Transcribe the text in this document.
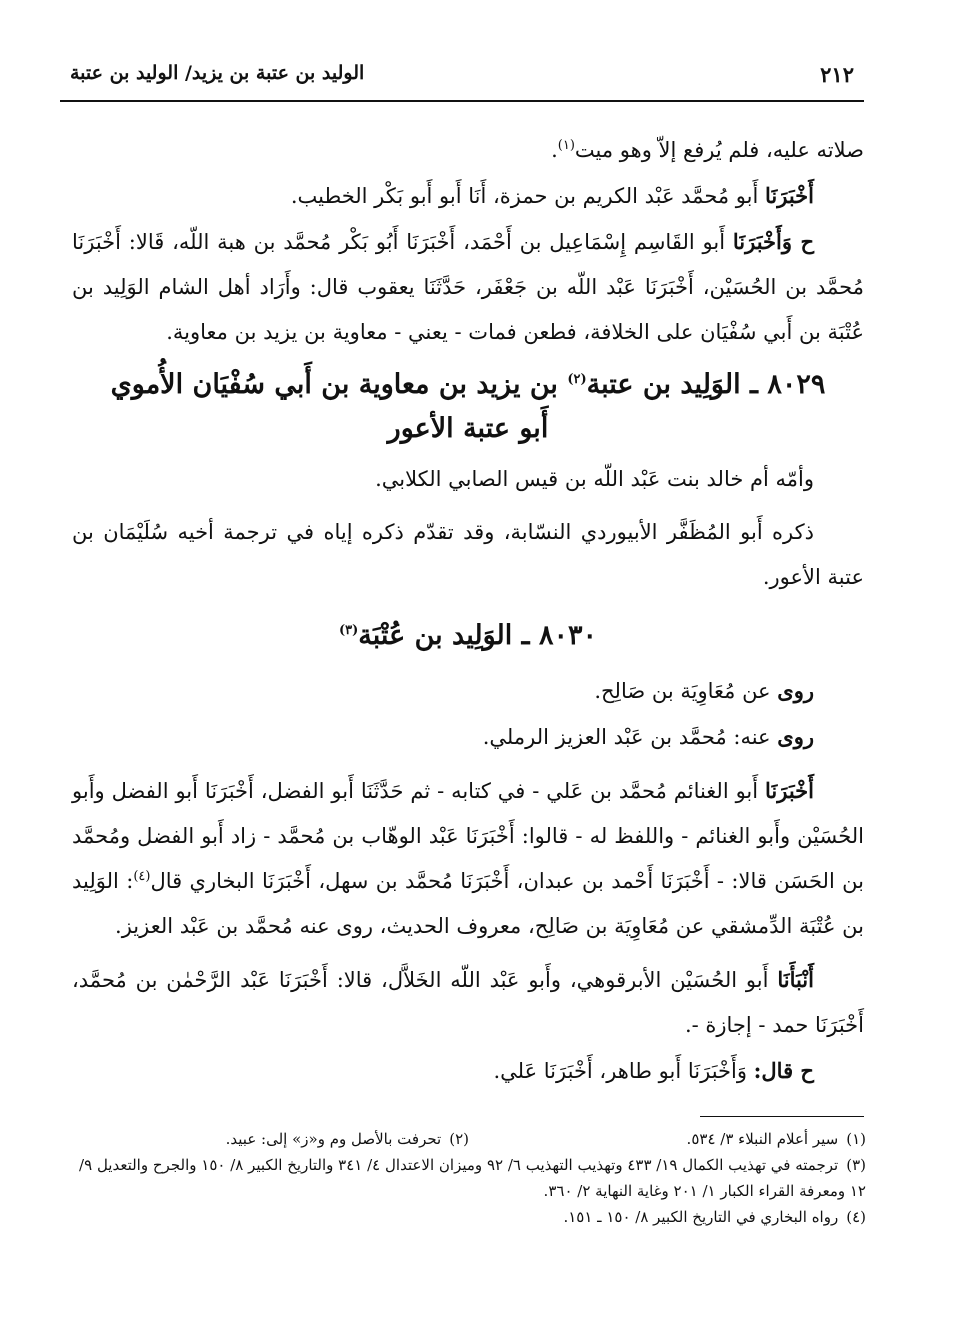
٢١٢
الوليد بن عتبة بن يزيد/ الوليد بن عتبة

صلاته عليه، فلم يُرفع إلاّ وهو ميت$^{(١)}$.

أَخْبَرَنَا أَبو مُحمَّد عَبْد الكريم بن حمزة، أَنَا أَبو أَبو بَكْر الخطيب.

ح وَأَخْبَرَنَا أَبو القَاسِم إِسْمَاعِيل بن أَحْمَد، أَخْبَرَنَا أَبُو بَكْر مُحمَّد بن هبة اللّه، قَالا: أَخْبَرَنَا مُحمَّد بن الحُسَيْن، أَخْبَرَنَا عَبْد اللّه بن جَعْفَر، حَدَّثَنَا يعقوب قال: وأَرَاد أهل الشام الوَلِيد بن عُتْبَة بن أَبي سُفْيَان على الخلافة، فطعن فمات - يعني - معاوية بن يزيد بن معاوية.

٨٠٢٩ ـ الوَلِيد بن عتبة$^{(٢)}$ بن يزيد بن معاوية بن أَبي سُفْيَان الأُموي
أَبو عتبة الأعور

وأمّه أم خالد بنت عَبْد اللّه بن قيس الصابي الكلابي.

ذكره أَبو المُظَفَّر الأبيوردي النسّابة، وقد تقدّم ذكره إياه في ترجمة أخيه سُلَيْمَان بن عتبة الأعور.

٨٠٣٠ ـ الوَلِيد بن عُتْبَة$^{(٣)}$

روى عن مُعَاوِيَة بن صَالِح.

روى عنه: مُحمَّد بن عَبْد العزيز الرملي.

أَخْبَرَنَا أَبو الغنائم مُحمَّد بن عَلي - في كتابه - ثم حَدَّثَنَا أَبو الفضل، أَخْبَرَنَا أَبو الفضل وأَبو الحُسَيْن وأَبو الغنائم - واللفظ له - قالوا: أَخْبَرَنَا عَبْد الوهّاب بن مُحمَّد - زاد أَبو الفضل ومُحمَّد بن الحَسَن قالا: - أَخْبَرَنَا أَحْمد بن عبدان، أَخْبَرَنَا مُحمَّد بن سهل، أَخْبَرَنَا البخاري قال$^{(٤)}$: الوَلِيد بن عُتْبَة الدِّمشقي عن مُعَاوِيَة بن صَالِح، معروف الحديث، روى عنه مُحمَّد بن عَبْد العزيز.

أَنْبَأَنَا أَبو الحُسَيْن الأبرقوهي، وأَبو عَبْد اللّه الخَلاَّل، قالا: أَخْبَرَنَا عَبْد الرَّحْمٰن بن مُحمَّد، أَخْبَرَنَا حمد - إجازة -.

ح قال: وَأَخْبَرَنَا أَبو طاهر، أَخْبَرَنَا عَلي.

(١)سير أعلام النبلاء ٣/ ٥٣٤.
(٢)تحرفت بالأصل وم و«ز» إلى: عبيد.
(٣)ترجمته في تهذيب الكمال ١٩/ ٤٣٣ وتهذيب التهذيب ٦/ ٩٢ وميزان الاعتدال ٤/ ٣٤١ والتاريخ الكبير ٨/ ١٥٠ والجرح والتعديل ٩/ ١٢ ومعرفة القراء الكبار ١/ ٢٠١ وغاية النهاية ٢/ ٣٦٠.
(٤)رواه البخاري في التاريخ الكبير ٨/ ١٥٠ ـ ١٥١.
